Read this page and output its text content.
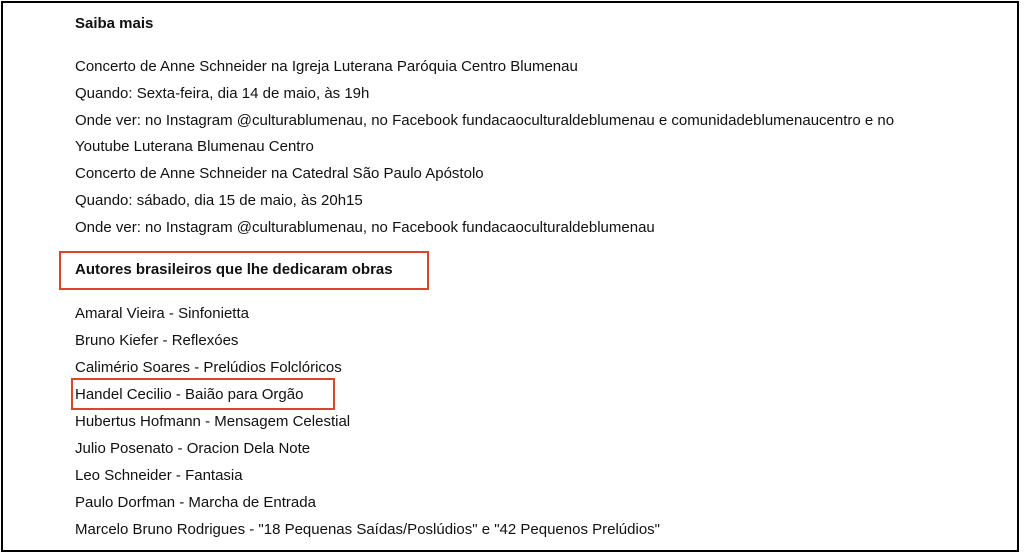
Saiba mais
Concerto de Anne Schneider na Igreja Luterana Paróquia Centro Blumenau
Quando: Sexta-feira, dia 14 de maio, às 19h
Onde ver: no Instagram @culturablumenau, no Facebook fundacaoculturaldeblumenau e comunidadeblumenaucentro e no
Youtube Luterana Blumenau Centro
Concerto de Anne Schneider na Catedral São Paulo Apóstolo
Quando: sábado, dia 15 de maio, às 20h15
Onde ver: no Instagram @culturablumenau, no Facebook fundacaoculturaldeblumenau
Autores brasileiros que lhe dedicaram obras
Amaral Vieira - Sinfonietta
Bruno Kiefer - Reflexóes
Calimério Soares - Prelúdios Folclóricos
Handel Cecilio - Baião para Orgão
Hubertus Hofmann - Mensagem Celestial
Julio Posenato - Oracion Dela Note
Leo Schneider - Fantasia
Paulo Dorfman - Marcha de Entrada
Marcelo Bruno Rodrigues - "18 Pequenas Saídas/Poslúdios" e "42 Pequenos Prelúdios"
